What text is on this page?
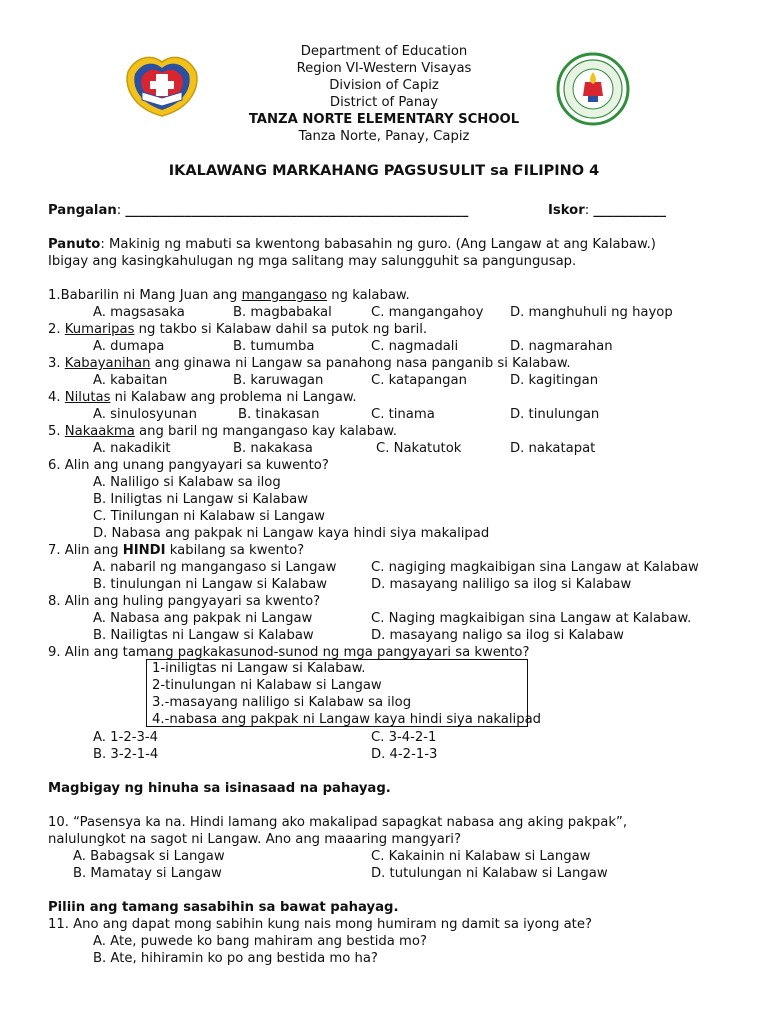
Department of Education
Region VI-Western Visayas
Division of Capiz
District of Panay
TANZA NORTE ELEMENTARY SCHOOL
Tanza Norte, Panay, Capiz
IKALAWANG MARKAHANG PAGSUSULIT sa FILIPINO 4
Pangalan: ____________________________________________________	Iskor: ___________
Panuto: Makinig ng mabuti sa kwentong babasahin ng guro. (Ang Langaw at ang Kalabaw.)
Ibigay ang kasingkahulugan ng mga salitang may salungguhit sa pangungusap.
1.Babarilin ni Mang Juan ang mangangaso ng kalabaw.
A. magsasaka	B. magbabakal	C. mangangahoy D. manghuhuli ng hayop
2. Kumaripas ng takbo si Kalabaw dahil sa putok ng baril.
A. dumapa	B. tumumba	C. nagmadali	D. nagmarahan
3. Kabayanihan ang ginawa ni Langaw sa panahong nasa panganib si Kalabaw.
A. kabaitan	B. karuwagan	C. katapangan	D. kagitingan
4. Nilutas ni Kalabaw ang problema ni Langaw.
A. sinulosyunan	B. tinakasan	C. tinama	D. tinulungan
5. Nakaakma ang baril ng mangangaso kay kalabaw.
A. nakadikit	B. nakakasa	C. Nakatutok	D. nakatapat
6. Alin ang unang pangyayari sa kuwento?
A. Naliligo si Kalabaw sa ilog
B. Iniligtas ni Langaw si Kalabaw
C. Tinilungan ni Kalabaw si Langaw
D. Nabasa ang pakpak ni Langaw kaya hindi siya makalipad
7. Alin ang HINDI kabilang sa kwento?
A. nabaril ng mangangaso si Langaw	C. nagiging magkaibigan sina Langaw at Kalabaw
B. tinulungan ni Langaw si Kalabaw	D. masayang naliligo sa ilog si Kalabaw
8. Alin ang huling pangyayari sa kwento?
A. Nabasa ang pakpak ni Langaw	C. Naging magkaibigan sina Langaw at Kalabaw.
B. Nailigtas ni Langaw si Kalabaw	D. masayang naligo sa ilog si Kalabaw
9. Alin ang tamang pagkakasunod-sunod ng mga pangyayari sa kwento?
1-iniligtas ni Langaw si Kalabaw.
2-tinulungan ni Kalabaw si Langaw
3.-masayang naliligo si Kalabaw sa ilog
4.-nabasa ang pakpak ni Langaw kaya hindi siya nakalipad
A. 1-2-3-4	C. 3-4-2-1
B. 3-2-1-4	D. 4-2-1-3
Magbigay ng hinuha sa isinasaad na pahayag.
10. “Pasensya ka na. Hindi lamang ako makalipad sapagkat nabasa ang aking pakpak”,
nalulungkot na sagot ni Langaw. Ano ang maaaring mangyari?
A. Babagsak si Langaw	C. Kakainin ni Kalabaw si Langaw
B. Mamatay si Langaw	D. tutulungan ni Kalabaw si Langaw
Piliin ang tamang sasabihin sa bawat pahayag.
11. Ano ang dapat mong sabihin kung nais mong humiram ng damit sa iyong ate?
A. Ate, puwede ko bang mahiram ang bestida mo?
B. Ate, hihiramin ko po ang bestida mo ha?
